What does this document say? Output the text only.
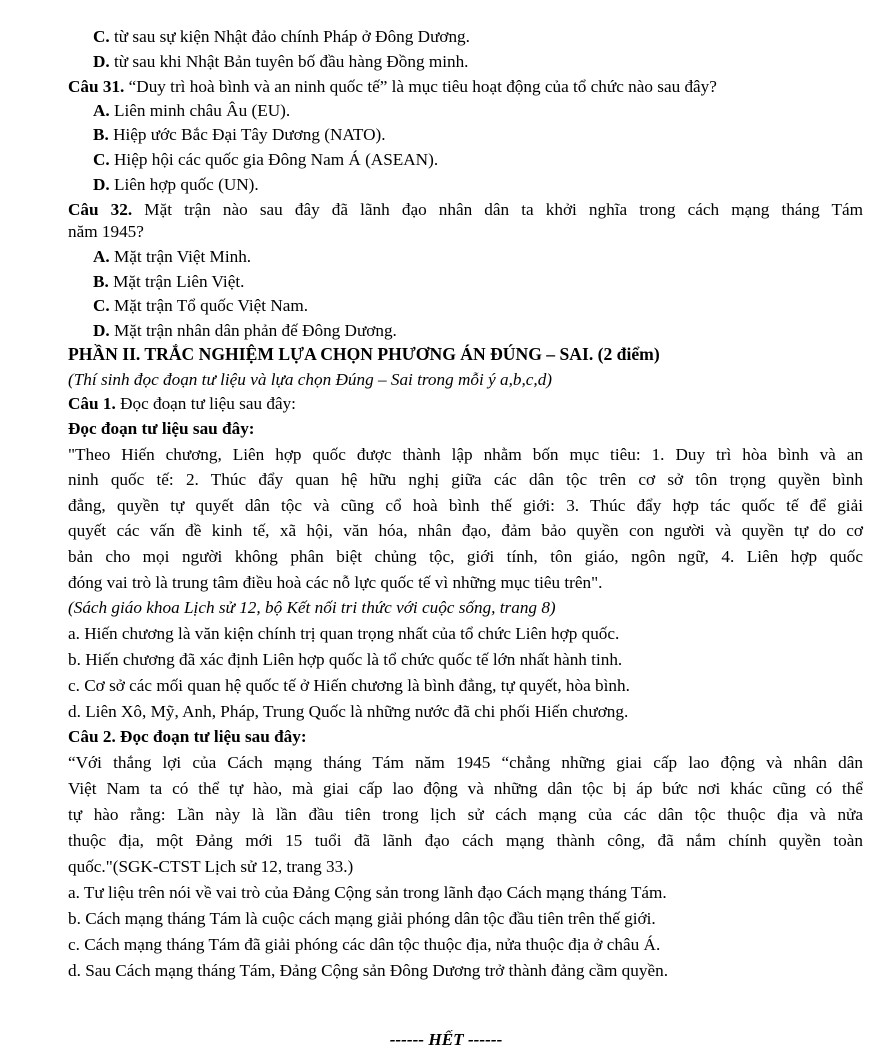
C. từ sau sự kiện Nhật đảo chính Pháp ở Đông Dương.
D. từ sau khi Nhật Bản tuyên bố đầu hàng Đồng minh.
Câu 31. “Duy trì hoà bình và an ninh quốc tế” là mục tiêu hoạt động của tổ chức nào sau đây?
A. Liên minh châu Âu (EU).
B. Hiệp ước Bắc Đại Tây Dương (NATO).
C. Hiệp hội các quốc gia Đông Nam Á (ASEAN).
D. Liên hợp quốc (UN).
Câu 32. Mặt trận nào sau đây đã lãnh đạo nhân dân ta khởi nghĩa trong cách mạng tháng Tám
năm 1945?
A. Mặt trận Việt Minh.
B. Mặt trận Liên Việt.
C. Mặt trận Tổ quốc Việt Nam.
D. Mặt trận nhân dân phản đế Đông Dương.
PHẦN II. TRẮC NGHIỆM LỰA CHỌN PHƯƠNG ÁN ĐÚNG – SAI. (2 điểm)
(Thí sinh đọc đoạn tư liệu và lựa chọn Đúng – Sai trong mỗi ý a,b,c,d)
Câu 1. Đọc đoạn tư liệu sau đây:
Đọc đoạn tư liệu sau đây:
"Theo Hiến chương, Liên hợp quốc được thành lập nhằm bốn mục tiêu: 1. Duy trì hòa bình và an
ninh quốc tế: 2. Thúc đẩy quan hệ hữu nghị giữa các dân tộc trên cơ sở tôn trọng quyền bình
đẳng, quyền tự quyết dân tộc và cũng cổ hoà bình thế giới: 3. Thúc đẩy hợp tác quốc tế để giải
quyết các vấn đề kinh tế, xã hội, văn hóa, nhân đạo, đảm bảo quyền con người và quyền tự do cơ
bản cho mọi người không phân biệt chủng tộc, giới tính, tôn giáo, ngôn ngữ, 4. Liên hợp quốc
đóng vai trò là trung tâm điều hoà các nỗ lực quốc tế vì những mục tiêu trên".
(Sách giáo khoa Lịch sử 12, bộ Kết nối tri thức với cuộc sống, trang 8)
a. Hiến chương là văn kiện chính trị quan trọng nhất của tổ chức Liên hợp quốc.
b. Hiến chương đã xác định Liên hợp quốc là tổ chức quốc tế lớn nhất hành tinh.
c. Cơ sở các mối quan hệ quốc tế ở Hiến chương là bình đẳng, tự quyết, hòa bình.
d. Liên Xô, Mỹ, Anh, Pháp, Trung Quốc là những nước đã chi phối Hiến chương.
Câu 2. Đọc đoạn tư liệu sau đây:
“Với thắng lợi của Cách mạng tháng Tám năm 1945 “chẳng những giai cấp lao động và nhân dân
Việt Nam ta có thể tự hào, mà giai cấp lao động và những dân tộc bị áp bức nơi khác cũng có thể
tự hào rằng: Lần này là lần đầu tiên trong lịch sử cách mạng của các dân tộc thuộc địa và nửa
thuộc địa, một Đảng mới 15 tuổi đã lãnh đạo cách mạng thành công, đã nắm chính quyền toàn
quốc."(SGK-CTST Lịch sử 12, trang 33.)
a. Tư liệu trên nói về vai trò của Đảng Cộng sản trong lãnh đạo Cách mạng tháng Tám.
b. Cách mạng tháng Tám là cuộc cách mạng giải phóng dân tộc đầu tiên trên thế giới.
c. Cách mạng tháng Tám đã giải phóng các dân tộc thuộc địa, nửa thuộc địa ở châu Á.
d. Sau Cách mạng tháng Tám, Đảng Cộng sản Đông Dương trở thành đảng cầm quyền.
------ HẾT ------
